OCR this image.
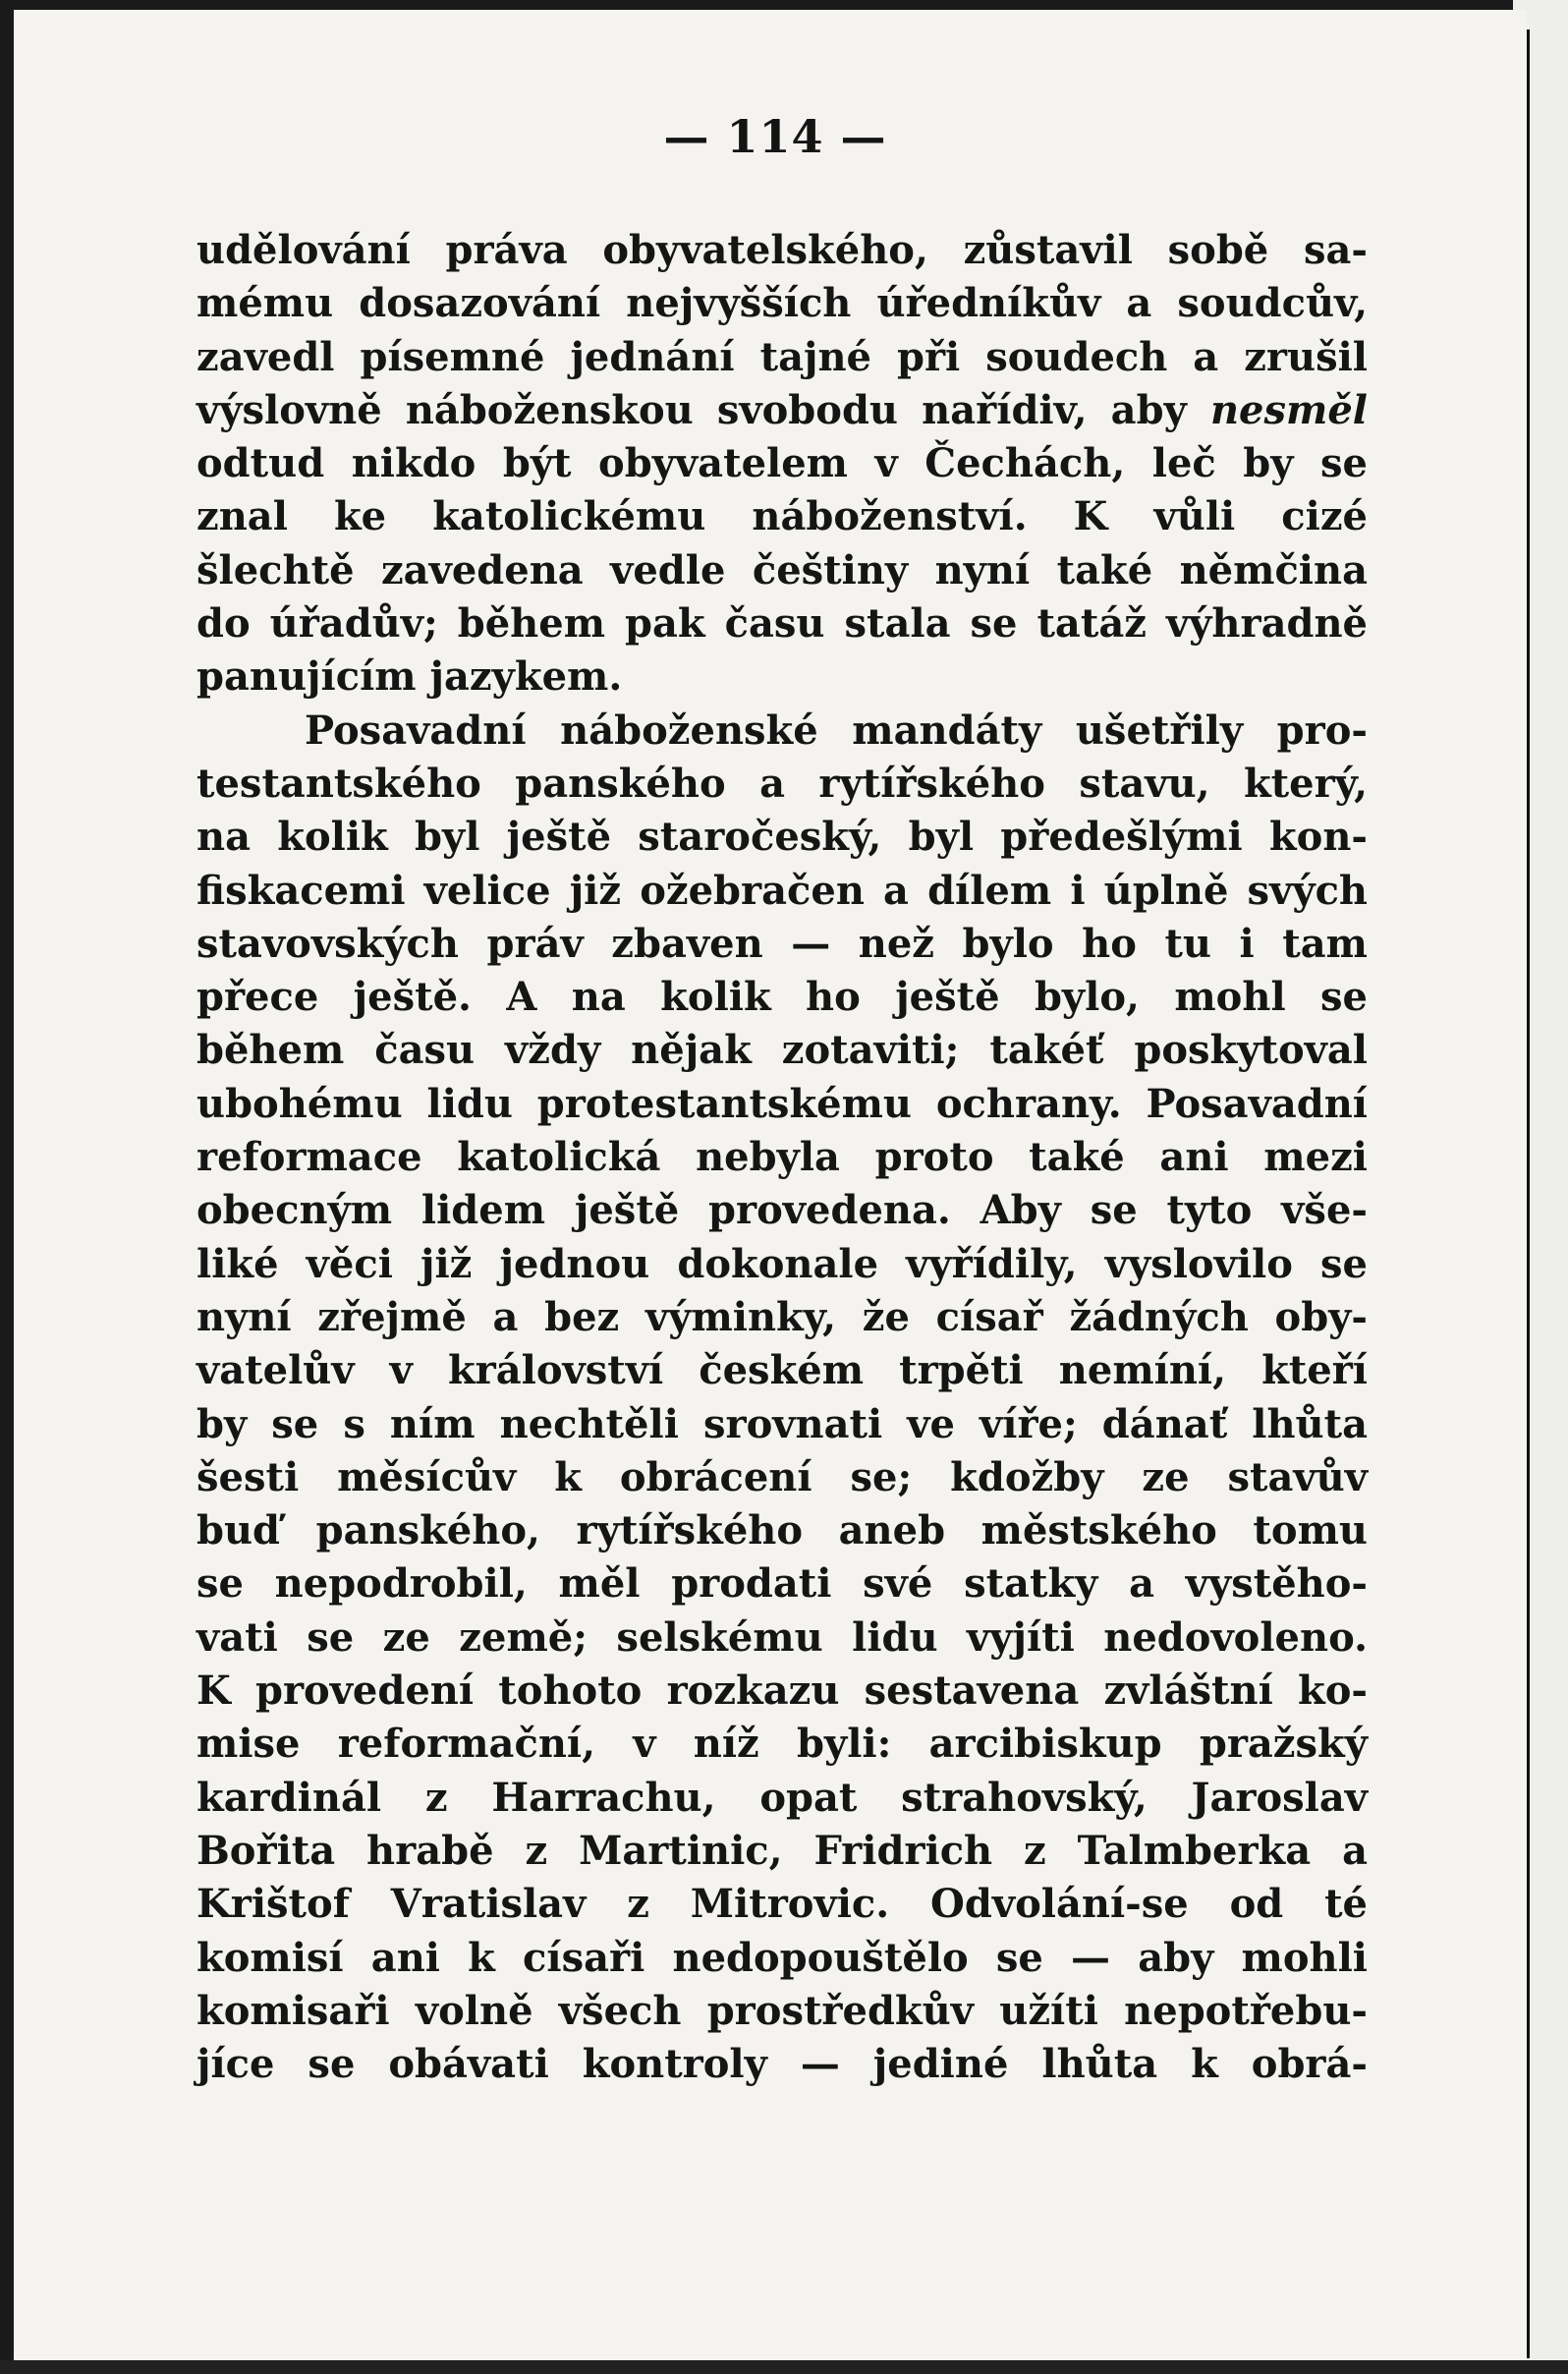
— 114 —
udělování práva obyvatelského, zůstavil sobě sa-
mému dosazování nejvyšších úředníkův a soudcův,
zavedl písemné jednání tajné při soudech a zrušil
výslovně náboženskou svobodu nařídiv, aby nesměl
odtud nikdo být obyvatelem v Čechách, leč by se
znal ke katolickému náboženství. K vůli cizé
šlechtě zavedena vedle češtiny nyní také němčina
do úřadův; během pak času stala se tatáž výhradně
panujícím jazykem.
Posavadní náboženské mandáty ušetřily pro-
testantského panského a rytířského stavu, který,
na kolik byl ještě staročeský, byl předešlými kon-
fiskacemi velice již ožebračen a dílem i úplně svých
stavovských práv zbaven — než bylo ho tu i tam
přece ještě. A na kolik ho ještě bylo, mohl se
během času vždy nějak zotaviti; takéť poskytoval
ubohému lidu protestantskému ochrany. Posavadní
reformace katolická nebyla proto také ani mezi
obecným lidem ještě provedena. Aby se tyto vše-
liké věci již jednou dokonale vyřídily, vyslovilo se
nyní zřejmě a bez výminky, že císař žádných oby-
vatelův v království českém trpěti nemíní, kteří
by se s ním nechtěli srovnati ve víře; dánať lhůta
šesti měsícův k obrácení se; kdožby ze stavův
buď panského, rytířského aneb městského tomu
se nepodrobil, měl prodati své statky a vystěho-
vati se ze země; selskému lidu vyjíti nedovoleno.
K provedení tohoto rozkazu sestavena zvláštní ko-
mise reformační, v níž byli: arcibiskup pražský
kardinál z Harrachu, opat strahovský, Jaroslav
Bořita hrabě z Martinic, Fridrich z Talmberka a
Krištof Vratislav z Mitrovic. Odvolání-se od té
komisí ani k císaři nedopouštělo se — aby mohli
komisaři volně všech prostředkův užíti nepotřebu-
jíce se obávati kontroly — jediné lhůta k obrá-
